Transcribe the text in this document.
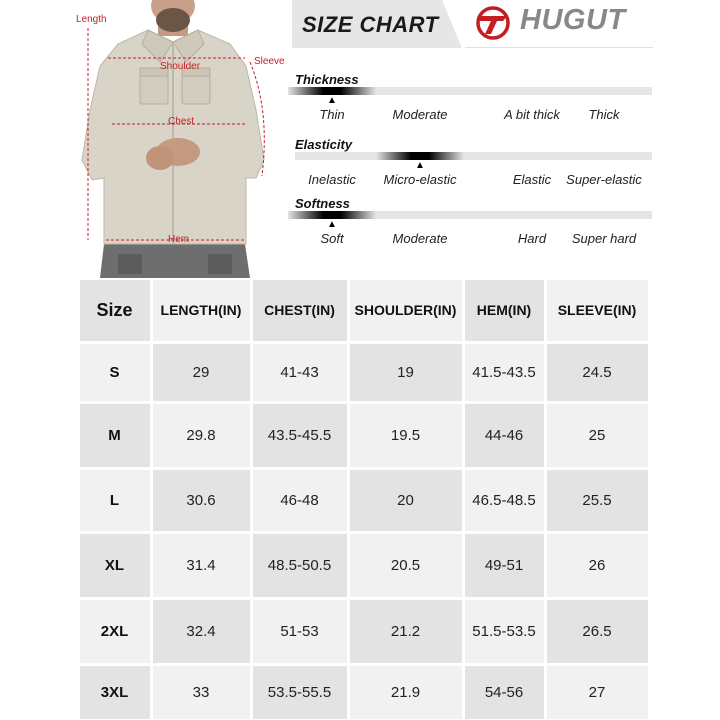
Length
Sleeve
Shoulder
Chest
Hem
SIZE CHART	HUGUT
Thickness
▲
Thin	Moderate	A bit thick Thick
Elasticity
▲
Inelastic Micro-elastic	Elastic Super-elastic
Softness
▲
Soft	Moderate	Hard Super hard
Size	LENGTH(IN)	CHEST(IN)	SHOULDER(IN)	HEM(IN)	SLEEVE(IN)
S	29	41-43	19	41.5-43.5	24.5
M	29.8	43.5-45.5	19.5	44-46	25
L	30.6	46-48	20	46.5-48.5	25.5
XL	31.4	48.5-50.5	20.5	49-51	26
2XL	32.4	51-53	21.2	51.5-53.5	26.5
3XL	33	53.5-55.5	21.9	54-56	27
